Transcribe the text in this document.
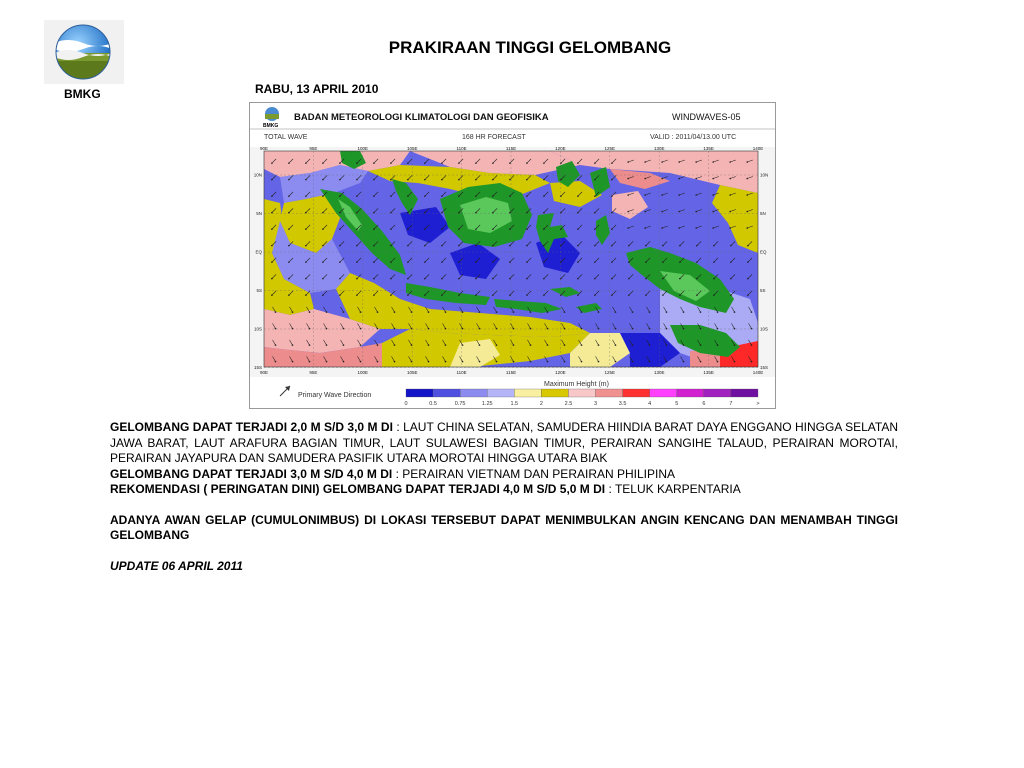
BMKG
PRAKIRAAN TINGGI GELOMBANG
RABU, 13 APRIL 2010
BMKG
BADAN METEOROLOGI KLIMATOLOGI DAN GEOFISIKA	WINDWAVES-05
TOTAL WAVE	168 HR FORECAST	VALID : 2011/04/13.00 UTC
90E
90E
95E
95E
100E
100E
105E
105E
110E
110E
115E
115E
120E
120E
125E
125E
130E
130E
135E
135E
140E
140E
10N	10N
5N	5N
EQ	EQ
5S	5S
10S	10S
15S	15S
Primary Wave Direction
Maximum Height (m)
0	0.5	0.75	1.25	1.5	2	2.5	3	3.5	4	5	6	7	>

GELOMBANG DAPAT TERJADI 2,0 M S/D 3,0 M DI : LAUT CHINA SELATAN, SAMUDERA HIINDIA BARAT DAYA ENGGANO HINGGA SELATAN JAWA BARAT, LAUT ARAFURA BAGIAN TIMUR, LAUT SULAWESI BAGIAN TIMUR, PERAIRAN SANGIHE TALAUD, PERAIRAN MOROTAI, PERAIRAN JAYAPURA DAN SAMUDERA PASIFIK UTARA MOROTAI HINGGA UTARA BIAK

GELOMBANG DAPAT TERJADI 3,0 M S/D 4,0 M DI : PERAIRAN VIETNAM DAN PERAIRAN PHILIPINA

REKOMENDASI ( PERINGATAN DINI) GELOMBANG DAPAT TERJADI 4,0 M S/D 5,0 M DI : TELUK KARPENTARIA

ADANYA AWAN GELAP (CUMULONIMBUS) DI LOKASI TERSEBUT DAPAT MENIMBULKAN ANGIN KENCANG DAN MENAMBAH TINGGI GELOMBANG

UPDATE 06 APRIL 2011
